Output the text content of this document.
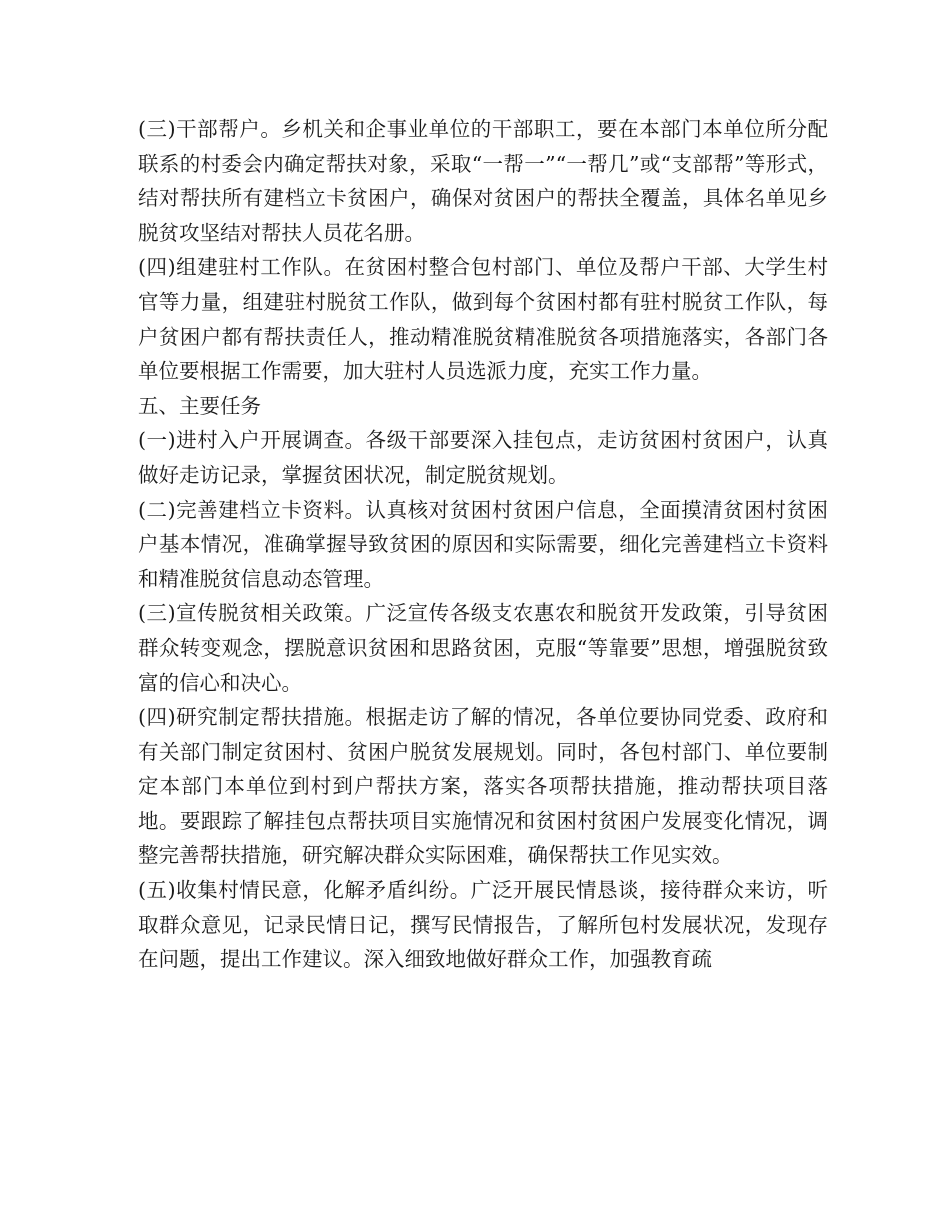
(三)干部帮户。乡机关和企事业单位的干部职工，要在本部门本单位所分配联系的村委会内确定帮扶对象，采取“一帮一”“一帮几”或“支部帮”等形式，结对帮扶所有建档立卡贫困户，确保对贫困户的帮扶全覆盖，具体名单见乡脱贫攻坚结对帮扶人员花名册。

(四)组建驻村工作队。在贫困村整合包村部门、单位及帮户干部、大学生村官等力量，组建驻村脱贫工作队，做到每个贫困村都有驻村脱贫工作队，每户贫困户都有帮扶责任人，推动精准脱贫精准脱贫各项措施落实，各部门各单位要根据工作需要，加大驻村人员选派力度，充实工作力量。

五、主要任务

(一)进村入户开展调查。各级干部要深入挂包点，走访贫困村贫困户，认真做好走访记录，掌握贫困状况，制定脱贫规划。

(二)完善建档立卡资料。认真核对贫困村贫困户信息，全面摸清贫困村贫困户基本情况，准确掌握导致贫困的原因和实际需要，细化完善建档立卡资料和精准脱贫信息动态管理。

(三)宣传脱贫相关政策。广泛宣传各级支农惠农和脱贫开发政策，引导贫困群众转变观念，摆脱意识贫困和思路贫困，克服“等靠要”思想，增强脱贫致富的信心和决心。

(四)研究制定帮扶措施。根据走访了解的情况，各单位要协同党委、政府和有关部门制定贫困村、贫困户脱贫发展规划。同时，各包村部门、单位要制定本部门本单位到村到户帮扶方案，落实各项帮扶措施，推动帮扶项目落地。要跟踪了解挂包点帮扶项目实施情况和贫困村贫困户发展变化情况，调整完善帮扶措施，研究解决群众实际困难，确保帮扶工作见实效。

(五)收集村情民意，化解矛盾纠纷。广泛开展民情恳谈，接待群众来访，听取群众意见，记录民情日记，撰写民情报告，了解所包村发展状况，发现存在问题，提出工作建议。深入细致地做好群众工作，加强教育疏
